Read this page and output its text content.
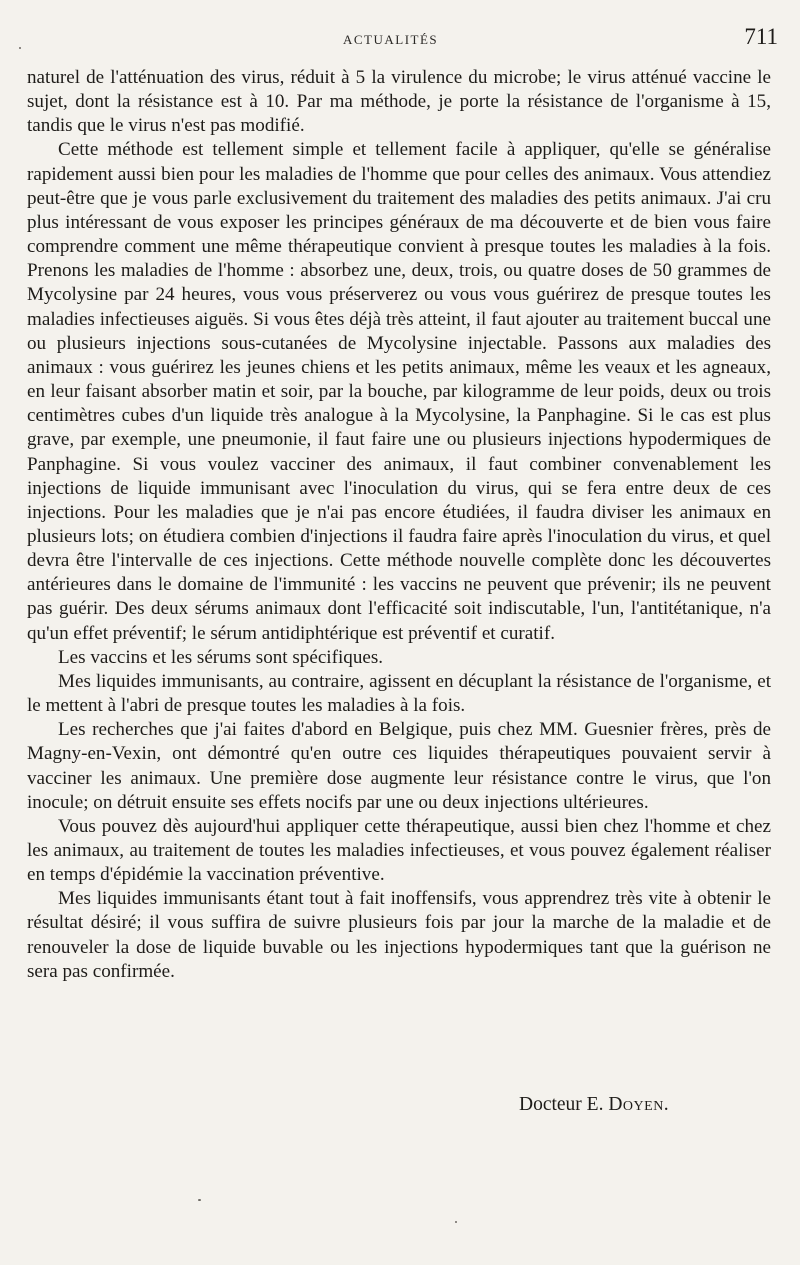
ACTUALITÉS	711

naturel de l'atténuation des virus, réduit à 5 la virulence du microbe; le virus atténué vaccine le sujet, dont la résistance est à 10. Par ma méthode, je porte la résistance de l'organisme à 15, tandis que le virus n'est pas modifié.

Cette méthode est tellement simple et tellement facile à appliquer, qu'elle se généralise rapidement aussi bien pour les maladies de l'homme que pour celles des animaux. Vous attendiez peut-être que je vous parle exclusivement du traitement des maladies des petits animaux. J'ai cru plus intéressant de vous exposer les principes généraux de ma découverte et de bien vous faire comprendre comment une même thérapeutique convient à presque toutes les maladies à la fois. Prenons les maladies de l'homme : absorbez une, deux, trois, ou quatre doses de 50 grammes de Mycolysine par 24 heures, vous vous préserverez ou vous vous guérirez de presque toutes les maladies infectieuses aiguës. Si vous êtes déjà très atteint, il faut ajouter au traitement buccal une ou plusieurs injections sous-cutanées de Mycolysine injectable. Passons aux maladies des animaux : vous guérirez les jeunes chiens et les petits animaux, même les veaux et les agneaux, en leur faisant absorber matin et soir, par la bouche, par kilogramme de leur poids, deux ou trois centimètres cubes d'un liquide très analogue à la Mycolysine, la Panphagine. Si le cas est plus grave, par exemple, une pneumonie, il faut faire une ou plusieurs injections hypodermiques de Panphagine. Si vous voulez vacciner des animaux, il faut combiner convenablement les injections de liquide immunisant avec l'inoculation du virus, qui se fera entre deux de ces injections. Pour les maladies que je n'ai pas encore étudiées, il faudra diviser les animaux en plusieurs lots; on étudiera combien d'injections il faudra faire après l'inoculation du virus, et quel devra être l'intervalle de ces injections. Cette méthode nouvelle complète donc les découvertes antérieures dans le domaine de l'immunité : les vaccins ne peuvent que prévenir; ils ne peuvent pas guérir. Des deux sérums animaux dont l'efficacité soit indiscutable, l'un, l'antitétanique, n'a qu'un effet préventif; le sérum antidiphtérique est préventif et curatif.

Les vaccins et les sérums sont spécifiques.

Mes liquides immunisants, au contraire, agissent en décuplant la résistance de l'organisme, et le mettent à l'abri de presque toutes les maladies à la fois.

Les recherches que j'ai faites d'abord en Belgique, puis chez MM. Guesnier frères, près de Magny-en-Vexin, ont démontré qu'en outre ces liquides thérapeutiques pouvaient servir à vacciner les animaux. Une première dose augmente leur résistance contre le virus, que l'on inocule; on détruit ensuite ses effets nocifs par une ou deux injections ultérieures.

Vous pouvez dès aujourd'hui appliquer cette thérapeutique, aussi bien chez l'homme et chez les animaux, au traitement de toutes les maladies infectieuses, et vous pouvez également réaliser en temps d'épidémie la vaccination préventive.

Mes liquides immunisants étant tout à fait inoffensifs, vous apprendrez très vite à obtenir le résultat désiré; il vous suffira de suivre plusieurs fois par jour la marche de la maladie et de renouveler la dose de liquide buvable ou les injections hypodermiques tant que la guérison ne sera pas confirmée.

Docteur E. Doyen.
